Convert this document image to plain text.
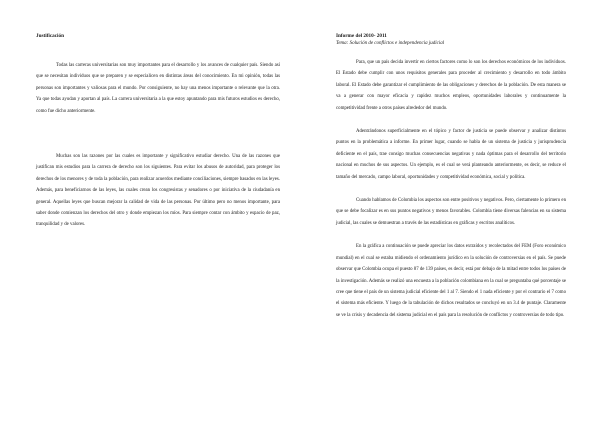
Justificación

Todas las carreras universitarias son muy importantes para el desarrollo y los avances de cualquier país. Siendo así que se necesitan individuos que se preparen y se especialicen en distintas áreas del conocimiento. En mi opinión, todas las personas son importantes y valiosas para el mundo. Por consiguiente, no hay una menos importante o relevante que la otra. Ya que todas ayudan y aportan al país. La carrera universitaria a la que estoy apuntando para mis futuros estudios es derecho, como fue dicho anteriormente.

Muchas son las razones por las cuales es importante y significativo estudiar derecho. Una de las razones que justifican mis estudios para la carrera de derecho son los siguientes. Para evitar los abusos de autoridad, para proteger los derechos de los menores y de toda la población, para realizar acuerdos mediante conciliaciones, siempre basados en las leyes. Además, para beneficiarnos de las leyes, las cuales crean los congresistas y senadores o por iniciativa de la ciudadanía en general. Aquellas leyes que buscan mejorar la calidad de vida de las personas. Por último pero no menos importante, para saber donde comienzan los derechos del otro y donde empiezan los míos. Para siempre contar con ámbito y espacio de paz, tranquilidad y de valores.

Informe del 2010- 2011
Tema: Solución de conflictos e independencia judicial

Para, que un país decida invertir en ciertos factores como lo son los derechos económicos de los individuos. El Estado debe cumplir con unos requisitos generales para proceder al crecimiento y desarrollo en todo ámbito laboral. El Estado debe garantizar el cumplimiento de las obligaciones y derechos de la población. De esta manera se va a generar con mayor eficacia y rapidez muchos empleos, oportunidades laborales y continuamente la competitividad frente a otros países alrededor del mundo.

Adentrándonos superficialmente en el tópico y factor de justicia se puede observar y analizar distintos puntos en la problemática a informe. En primer lugar, cuando se habla de un sistema de justicia y jurisprudencia deficiente en el país, trae consigo muchas consecuencias negativas y nada óptimas para el desarrollo del territorio nacional en muchos de sus aspectos. Un ejemplo, es el cual se verá planteando anteriormente, es decir, se reduce el tamaño del mercado, campo laboral, oportunidades y competitividad económica, social y política.

Cuando hablamos de Colombia los aspectos son entre positivos y negativos. Pero, ciertamente lo primero en que se debe focalizar es en sus puntos negativos y menos favorables. Colombia tiene diversas falencias en su sistema judicial, las cuales se demuestran a través de las estadísticas en gráficas y escritos analíticos.

En la gráfica a continuación se puede apreciar los datos extraídos y recolectados del FEM (Foro económico mundial) en el cual se estaba midiendo el ordenamiento jurídico en la solución de controversias en el país. Se puede observar que Colombia ocupa el puesto 87 de 139 países, es decir, está por debajo de la mitad entre todos los países de la investigación. Además se realizó una encuesta a la población colombiana en la cual se preguntaba qué porcentaje se cree que tiene el país de un sistema judicial eficiente del 1 al 7. Siendo el 1 nada eficiente y por el contrario el 7 como el sistema más eficiente. Y luego de la tabulación de dichos resultados se concluyó en un 3.4 de puntaje. Claramente se ve la crisis y decadencia del sistema judicial en el país para la resolución de conflictos y controversias de todo tipo.
